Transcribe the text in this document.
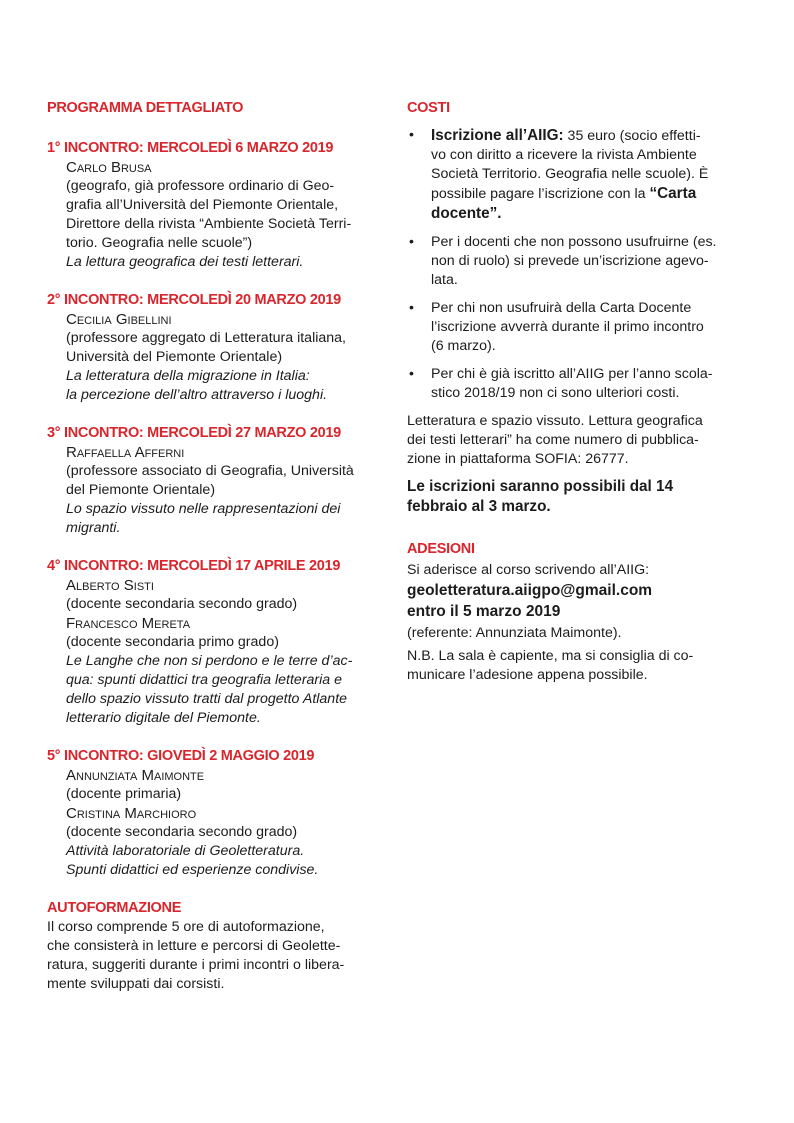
PROGRAMMA DETTAGLIATO
1° INCONTRO: MERCOLEDÌ 6 MARZO 2019
Carlo Brusa
(geografo, già professore ordinario di Geo-
grafia all’Università del Piemonte Orientale,
Direttore della rivista “Ambiente Società Terri-
torio. Geografia nelle scuole”)
La lettura geografica dei testi letterari.
2° INCONTRO: MERCOLEDÌ 20 MARZO 2019
Cecilia Gibellini
(professore aggregato di Letteratura italiana,
Università del Piemonte Orientale)
La letteratura della migrazione in Italia:
la percezione dell’altro attraverso i luoghi.
3° INCONTRO: MERCOLEDÌ 27 MARZO 2019
Raffaella Afferni
(professore associato di Geografia, Università
del Piemonte Orientale)
Lo spazio vissuto nelle rappresentazioni dei
migranti.
4° INCONTRO: MERCOLEDÌ 17 APRILE 2019
Alberto Sisti
(docente secondaria secondo grado)
Francesco Mereta
(docente secondaria primo grado)
Le Langhe che non si perdono e le terre d’ac-
qua: spunti didattici tra geografia letteraria e
dello spazio vissuto tratti dal progetto Atlante
letterario digitale del Piemonte.
5° INCONTRO: GIOVEDÌ 2 MAGGIO 2019
Annunziata Maimonte
(docente primaria)
Cristina Marchioro
(docente secondaria secondo grado)
Attività laboratoriale di Geoletteratura.
Spunti didattici ed esperienze condivise.
AUTOFORMAZIONE
Il corso comprende 5 ore di autoformazione,
che consisterà in letture e percorsi di Geolette-
ratura, suggeriti durante i primi incontri o libera-
mente sviluppati dai corsisti.
COSTI
• Iscrizione all’AIIG: 35 euro (socio effetti-
vo con diritto a ricevere la rivista Ambiente
Società Territorio. Geografia nelle scuole). È
possibile pagare l’iscrizione con la “Carta
docente”.
• Per i docenti che non possono usufruirne (es.
non di ruolo) si prevede un’iscrizione agevo-
lata.
• Per chi non usufruirà della Carta Docente
l’iscrizione avverrà durante il primo incontro
(6 marzo).
• Per chi è già iscritto all’AIIG per l’anno scola-
stico 2018/19 non ci sono ulteriori costi.
Letteratura e spazio vissuto. Lettura geografica
dei testi letterari” ha come numero di pubblica-
zione in piattaforma SOFIA: 26777.
Le iscrizioni saranno possibili dal 14
febbraio al 3 marzo.
ADESIONI
Si aderisce al corso scrivendo all’AIIG:
geoletteratura.aiigpo@gmail.com
entro il 5 marzo 2019
(referente: Annunziata Maimonte).
N.B. La sala è capiente, ma si consiglia di co-
municare l’adesione appena possibile.
